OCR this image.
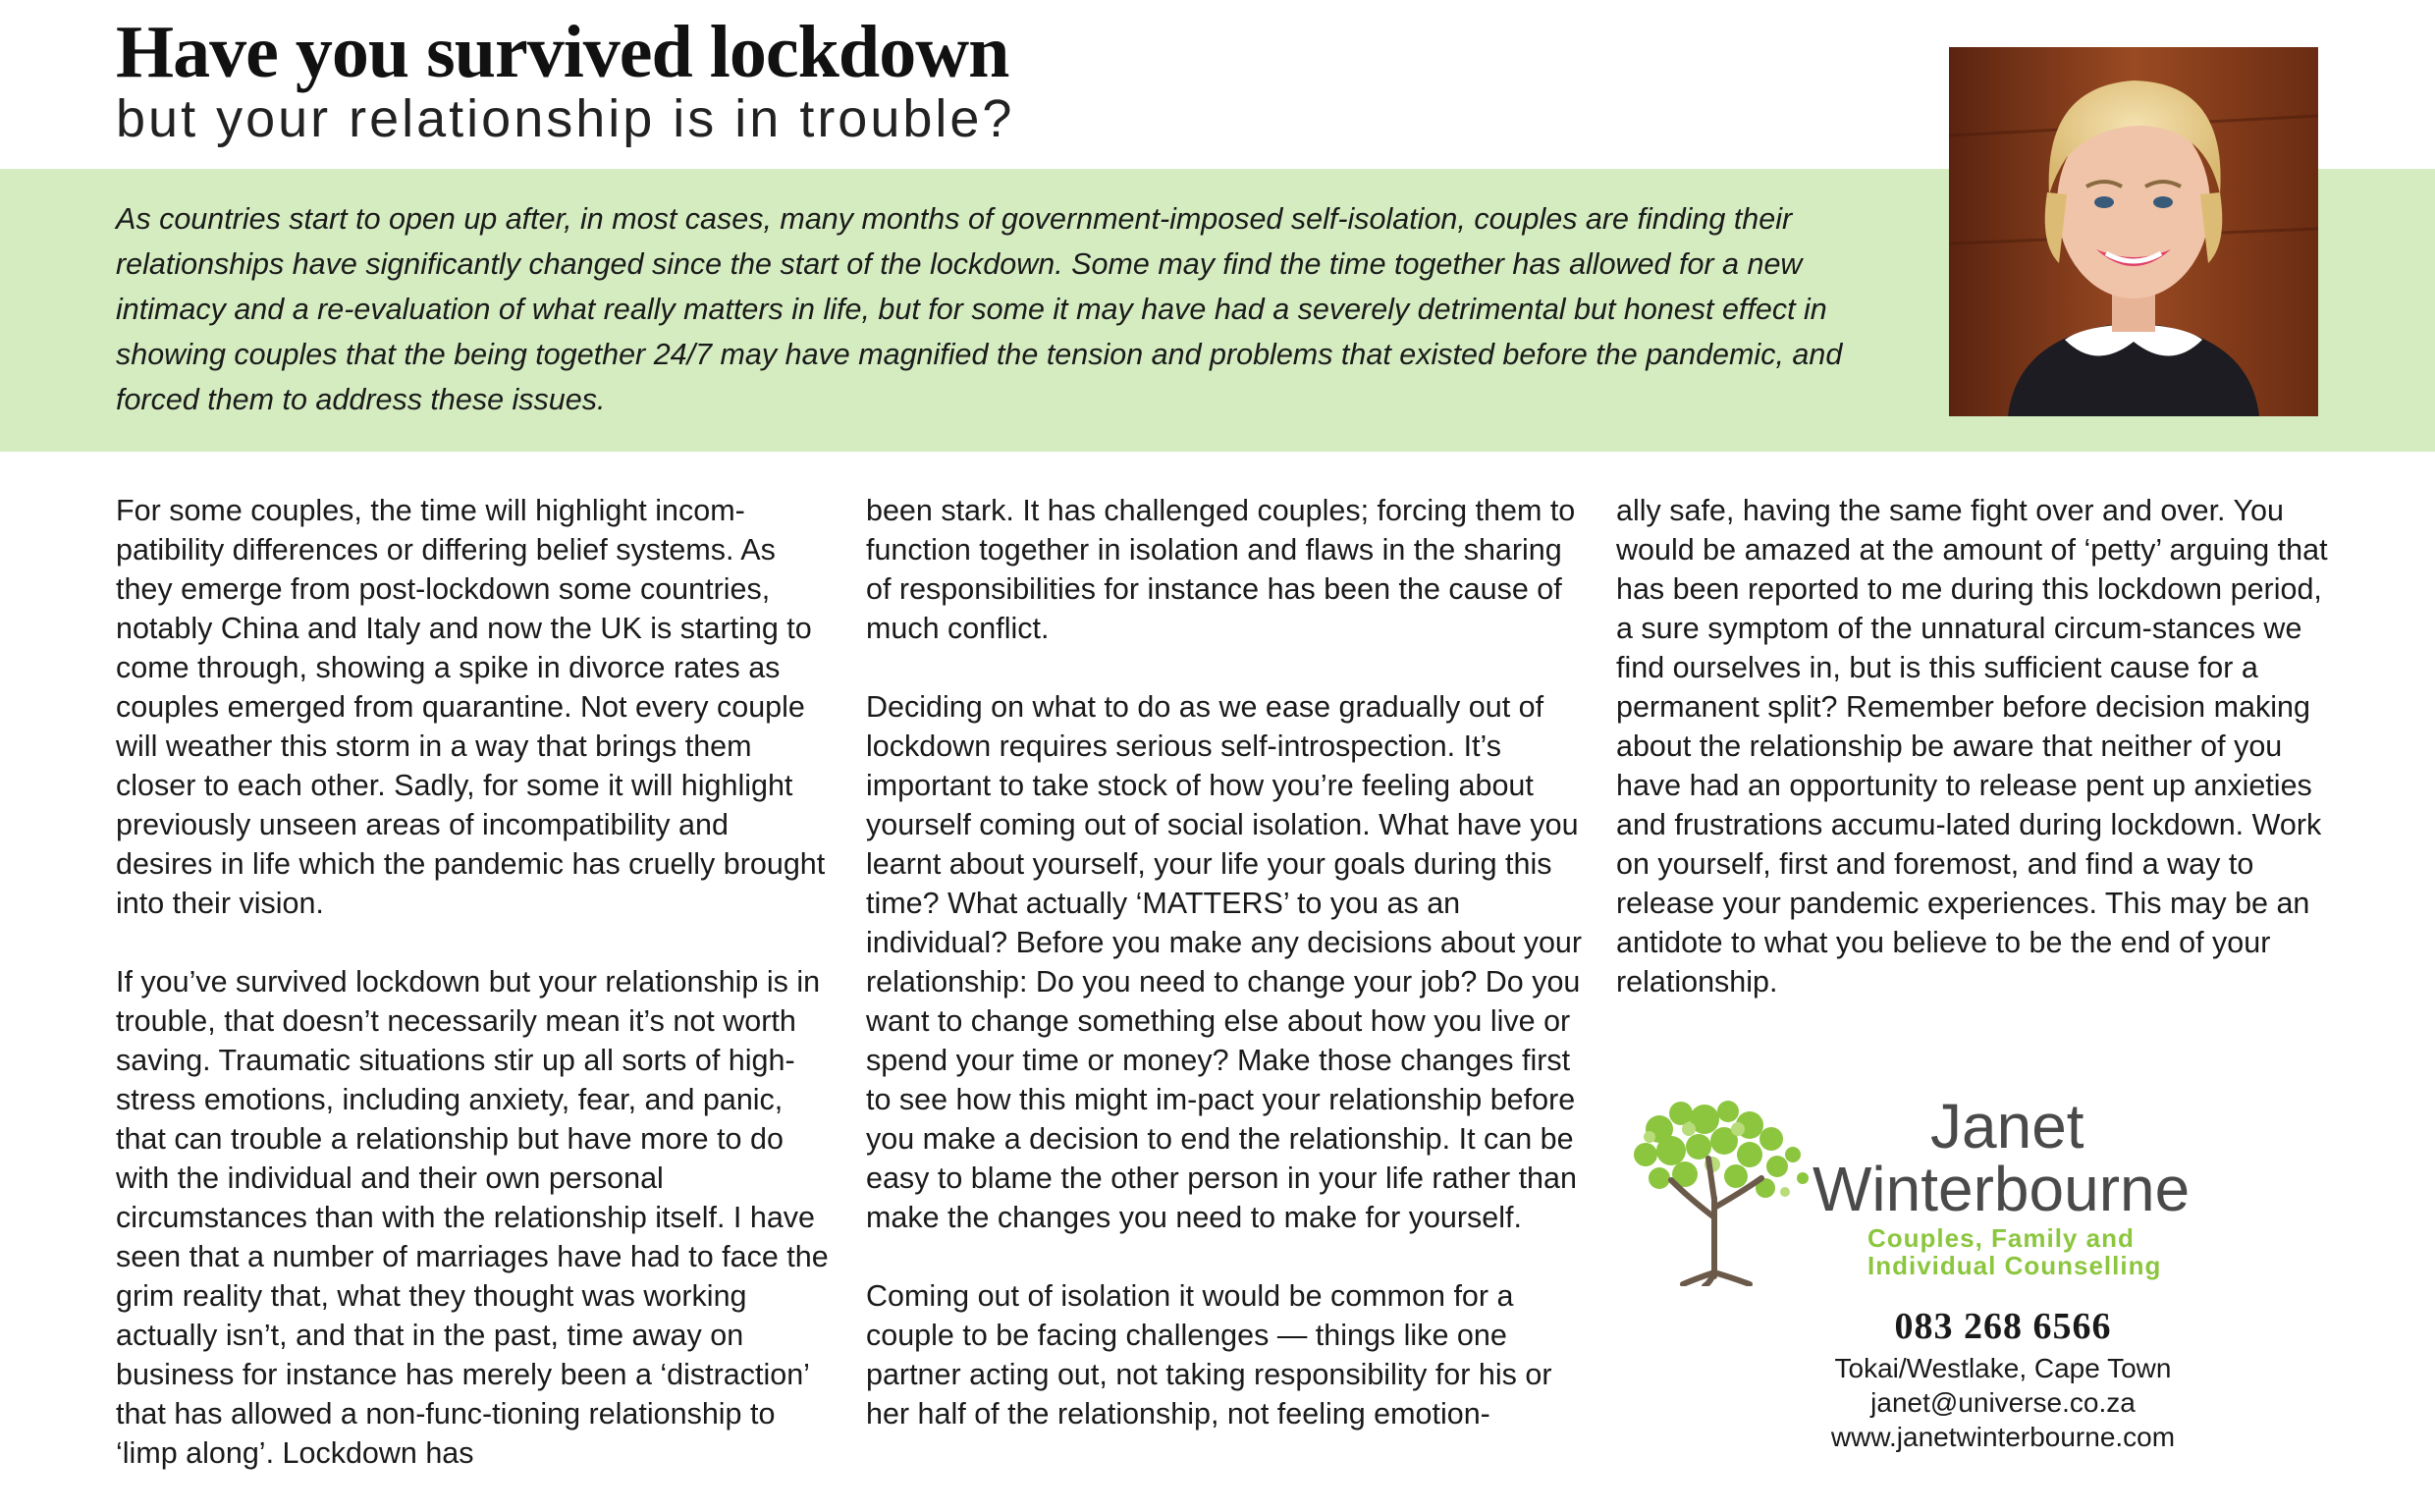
Have you survived lockdown
but your relationship is in trouble?

As countries start to open up after, in most cases, many months of government-imposed self-isolation, couples are finding their relationships have significantly changed since the start of the lockdown. Some may find the time together has allowed for a new intimacy and a re-evaluation of what really matters in life, but for some it may have had a severely detrimental but honest effect in showing couples that the being together 24/7 may have magnified the tension and problems that existed before the pandemic, and forced them to address these issues.

For some couples, the time will highlight incom-patibility differences or differing belief systems. As they emerge from post-lockdown some countries, notably China and Italy and now the UK is starting to come through, showing a spike in divorce rates as couples emerged from quarantine. Not every couple will weather this storm in a way that brings them closer to each other. Sadly, for some it will highlight previously unseen areas of incompatibility and desires in life which the pandemic has cruelly brought into their vision.

If you’ve survived lockdown but your relationship is in trouble, that doesn’t necessarily mean it’s not worth saving. Traumatic situations stir up all sorts of high-stress emotions, including anxiety, fear, and panic, that can trouble a relationship but have more to do with the individual and their own personal circumstances than with the relationship itself. I have seen that a number of marriages have had to face the grim reality that, what they thought was working actually isn’t, and that in the past, time away on business for instance has merely been a ‘distraction’ that has allowed a non-func-tioning relationship to ‘limp along’. Lockdown has

been stark. It has challenged couples; forcing them to function together in isolation and flaws in the sharing of responsibilities for instance has been the cause of much conflict.

Deciding on what to do as we ease gradually out of lockdown requires serious self-introspection. It’s important to take stock of how you’re feeling about yourself coming out of social isolation. What have you learnt about yourself, your life your goals during this time? What actually ‘MATTERS’ to you as an individual? Before you make any decisions about your relationship: Do you need to change your job? Do you want to change something else about how you live or spend your time or money? Make those changes first to see how this might im-pact your relationship before you make a decision to end the relationship. It can be easy to blame the other person in your life rather than make the changes you need to make for yourself.

Coming out of isolation it would be common for a couple to be facing challenges — things like one partner acting out, not taking responsibility for his or her half of the relationship, not feeling emotion-

ally safe, having the same fight over and over. You would be amazed at the amount of ‘petty’ arguing that has been reported to me during this lockdown period, a sure symptom of the unnatural circum-stances we find ourselves in, but is this sufficient cause for a permanent split? Remember before decision making about the relationship be aware that neither of you have had an opportunity to release pent up anxieties and frustrations accumu-lated during lockdown. Work on yourself, first and foremost, and find a way to release your pandemic experiences. This may be an antidote to what you believe to be the end of your relationship.

Janet

Winterbourne

Couples, Family and

Individual Counselling

083 268 6566
Tokai/Westlake, Cape Town
janet@universe.co.za
www.janetwinterbourne.com
